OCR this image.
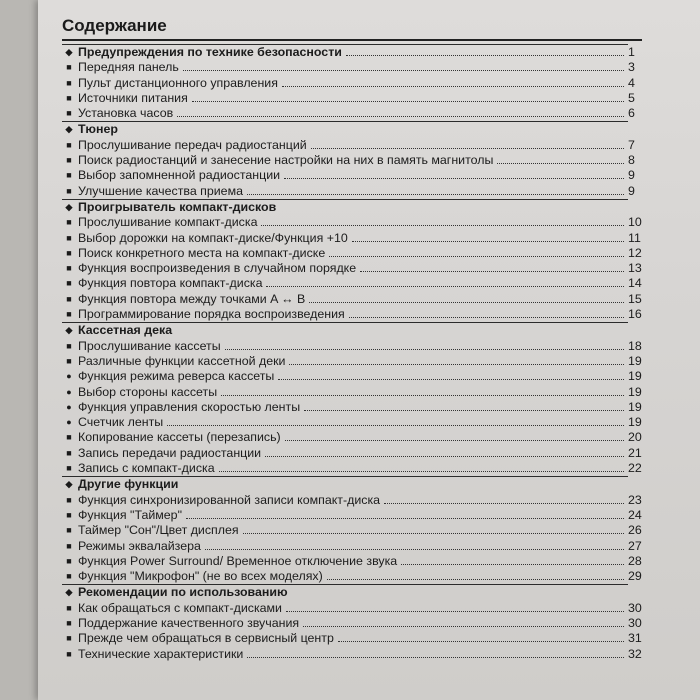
Содержание
◆ Предупреждения по технике безопасности	1
■ Передняя панель	3
■ Пульт дистанционного управления	4
■ Источники питания	5
■ Установка часов	6
◆ Тюнер
■ Прослушивание передач радиостанций	7
■ Поиск радиостанций и занесение настройки на них в память магнитолы	8
■ Выбор запомненной радиостанции	9
■ Улучшение качества приема	9
◆ Проигрыватель компакт-дисков
■ Прослушивание компакт-диска	10
■ Выбор дорожки на компакт-диске/Функция +10	11
■ Поиск конкретного места на компакт-диске	12
■ Функция воспроизведения в случайном порядке	13
■ Функция повтора компакт-диска	14
■ Функция повтора между точками A ↔ B	15
■ Программирование порядка воспроизведения	16
◆ Кассетная дека
■ Прослушивание кассеты	18
■ Различные функции кассетной деки	19
● Функция режима реверса кассеты	19
● Выбор стороны кассеты	19
● Функция управления скоростью ленты	19
● Счетчик ленты	19
■ Копирование кассеты (перезапись)	20
■ Запись передачи радиостанции	21
■ Запись с компакт-диска	22
◆ Другие функции
■ Функция синхронизированной записи компакт-диска	23
■ Функция "Таймер"	24
■ Таймер "Сон"/Цвет дисплея	26
■ Режимы эквалайзера	27
■ Функция Power Surround/ Временное отключение звука	28
■ Функция "Микрофон" (не во всех моделях)	29
◆ Рекомендации по использованию
■ Как обращаться с компакт-дисками	30
■ Поддержание качественного звучания	30
■ Прежде чем обращаться в сервисный центр	31
■ Технические характеристики	32
